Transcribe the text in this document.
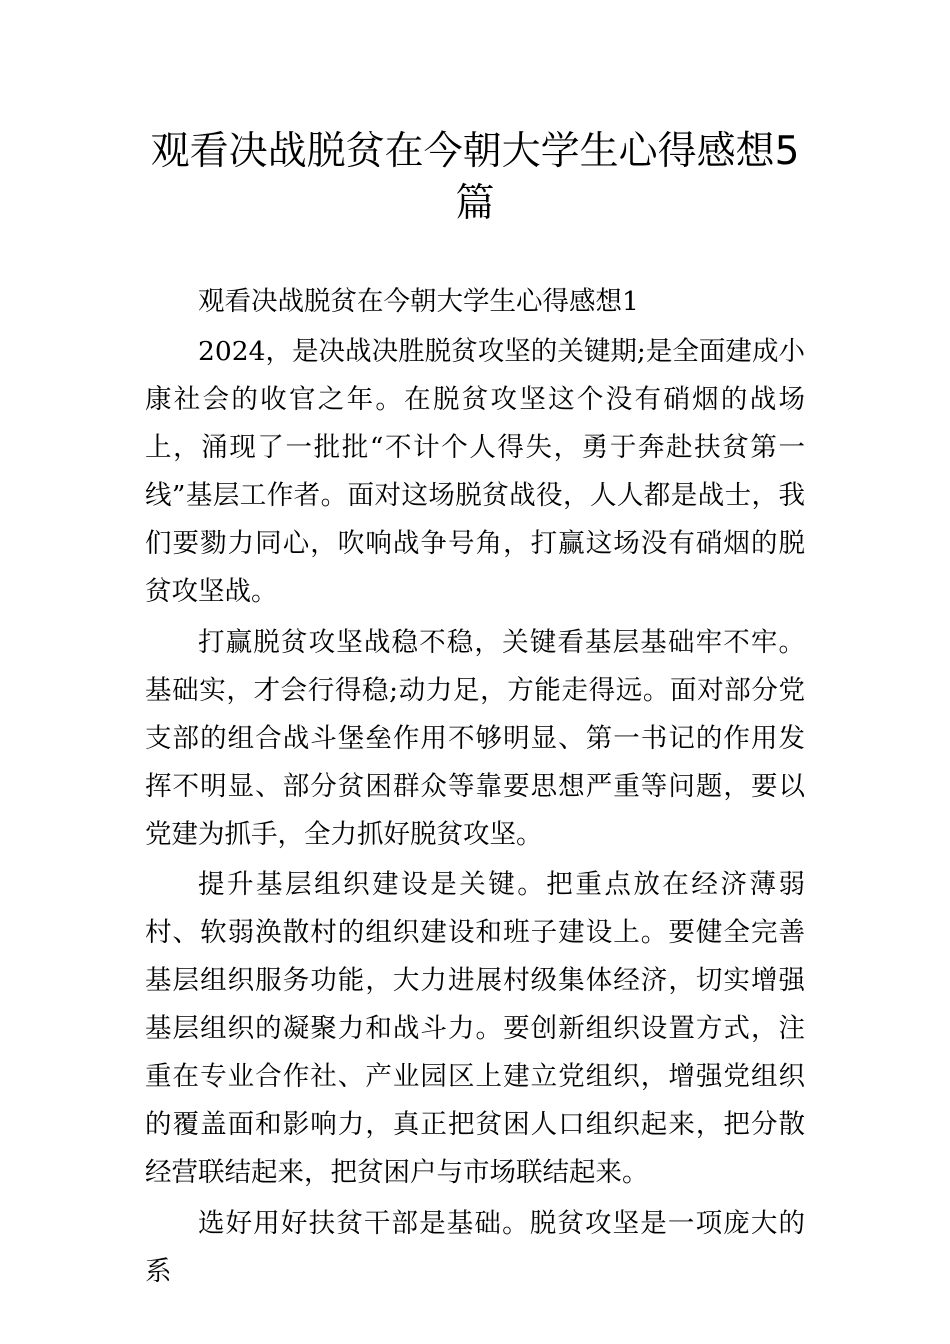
观看决战脱贫在今朝大学生心得感想5篇

观看决战脱贫在今朝大学生心得感想1

2024，是决战决胜脱贫攻坚的关键期;是全面建成小康社会的收官之年。在脱贫攻坚这个没有硝烟的战场上，涌现了一批批“不计个人得失，勇于奔赴扶贫第一线”基层工作者。面对这场脱贫战役，人人都是战士，我们要勠力同心，吹响战争号角，打赢这场没有硝烟的脱贫攻坚战。

打赢脱贫攻坚战稳不稳，关键看基层基础牢不牢。基础实，才会行得稳;动力足，方能走得远。面对部分党支部的组合战斗堡垒作用不够明显、第一书记的作用发挥不明显、部分贫困群众等靠要思想严重等问题，要以党建为抓手，全力抓好脱贫攻坚。

提升基层组织建设是关键。把重点放在经济薄弱村、软弱涣散村的组织建设和班子建设上。要健全完善基层组织服务功能，大力进展村级集体经济，切实增强基层组织的凝聚力和战斗力。要创新组织设置方式，注重在专业合作社、产业园区上建立党组织，增强党组织的覆盖面和影响力，真正把贫困人口组织起来，把分散经营联结起来，把贫困户与市场联结起来。

选好用好扶贫干部是基础。脱贫攻坚是一项庞大的系
